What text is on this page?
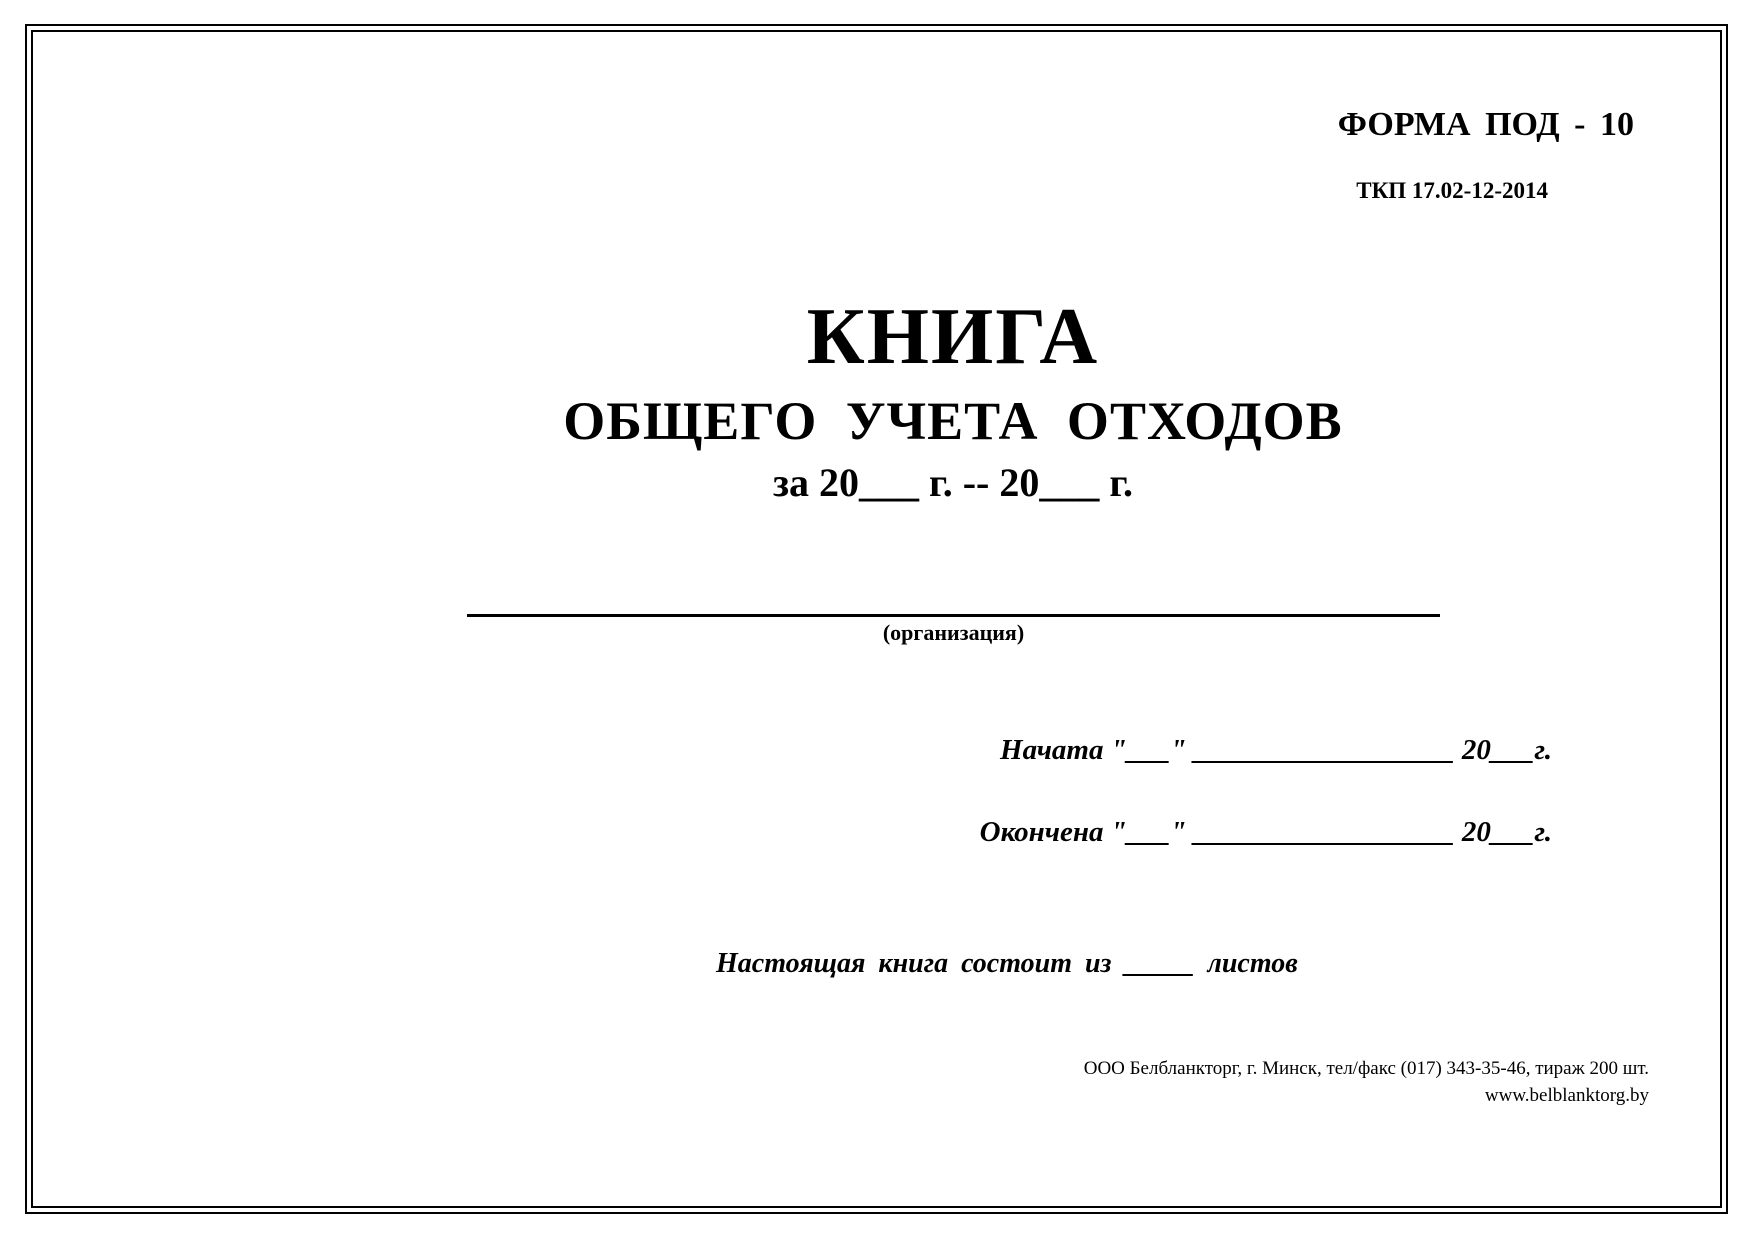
ФОРМА ПОД - 10
ТКП 17.02-12-2014
КНИГА
ОБЩЕГО УЧЕТА ОТХОДОВ
за 20___ г. -- 20___ г.
(организация)
Начата "___" __________________ 20___г.
Окончена "___" __________________ 20___г.
Настоящая книга состоит из _____ листов
ООО Белбланкторг, г. Минск, тел/факс (017) 343-35-46, тираж 200 шт.
www.belblanktorg.by
